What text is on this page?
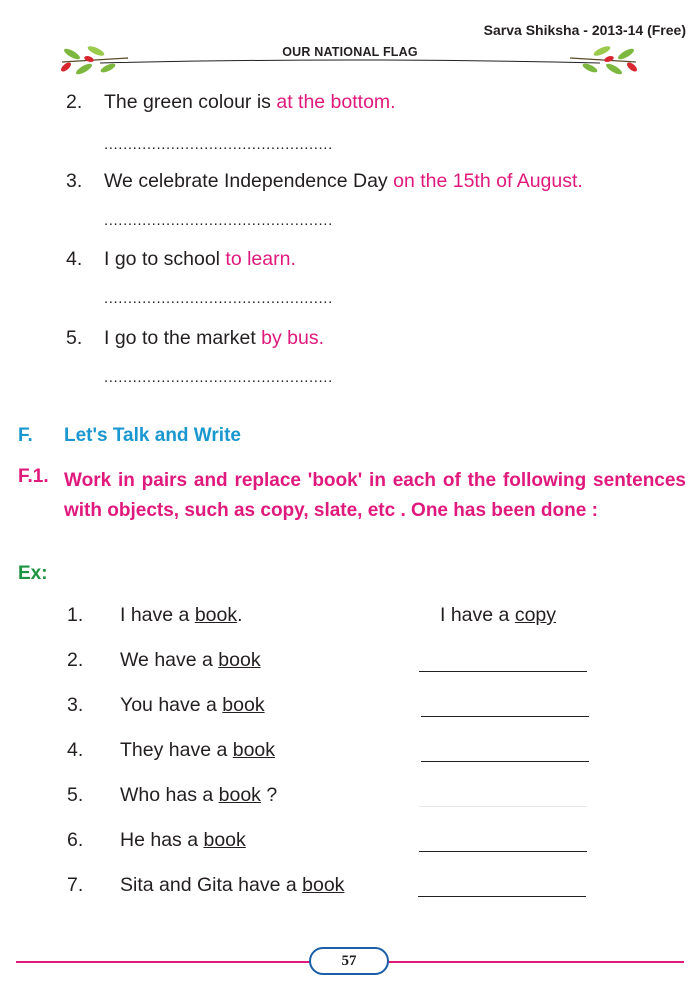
Sarva Shiksha - 2013-14 (Free)
OUR NATIONAL FLAG
2. The green colour is at the bottom.
................................................
3. We celebrate Independence Day on the 15th of August.
................................................
4. I go to school to learn.
................................................
5. I go to the market by bus.
................................................
F. Let's Talk and Write
F.1. Work in pairs and replace 'book' in each of the following sentences with objects, such as copy, slate, etc . One has been done :
Ex:
1. I have a book.	I have a copy
2. We have a book
3. You have a book
4. They have a book
5. Who has a book ?
6. He has a book
7. Sita and Gita have a book
57
